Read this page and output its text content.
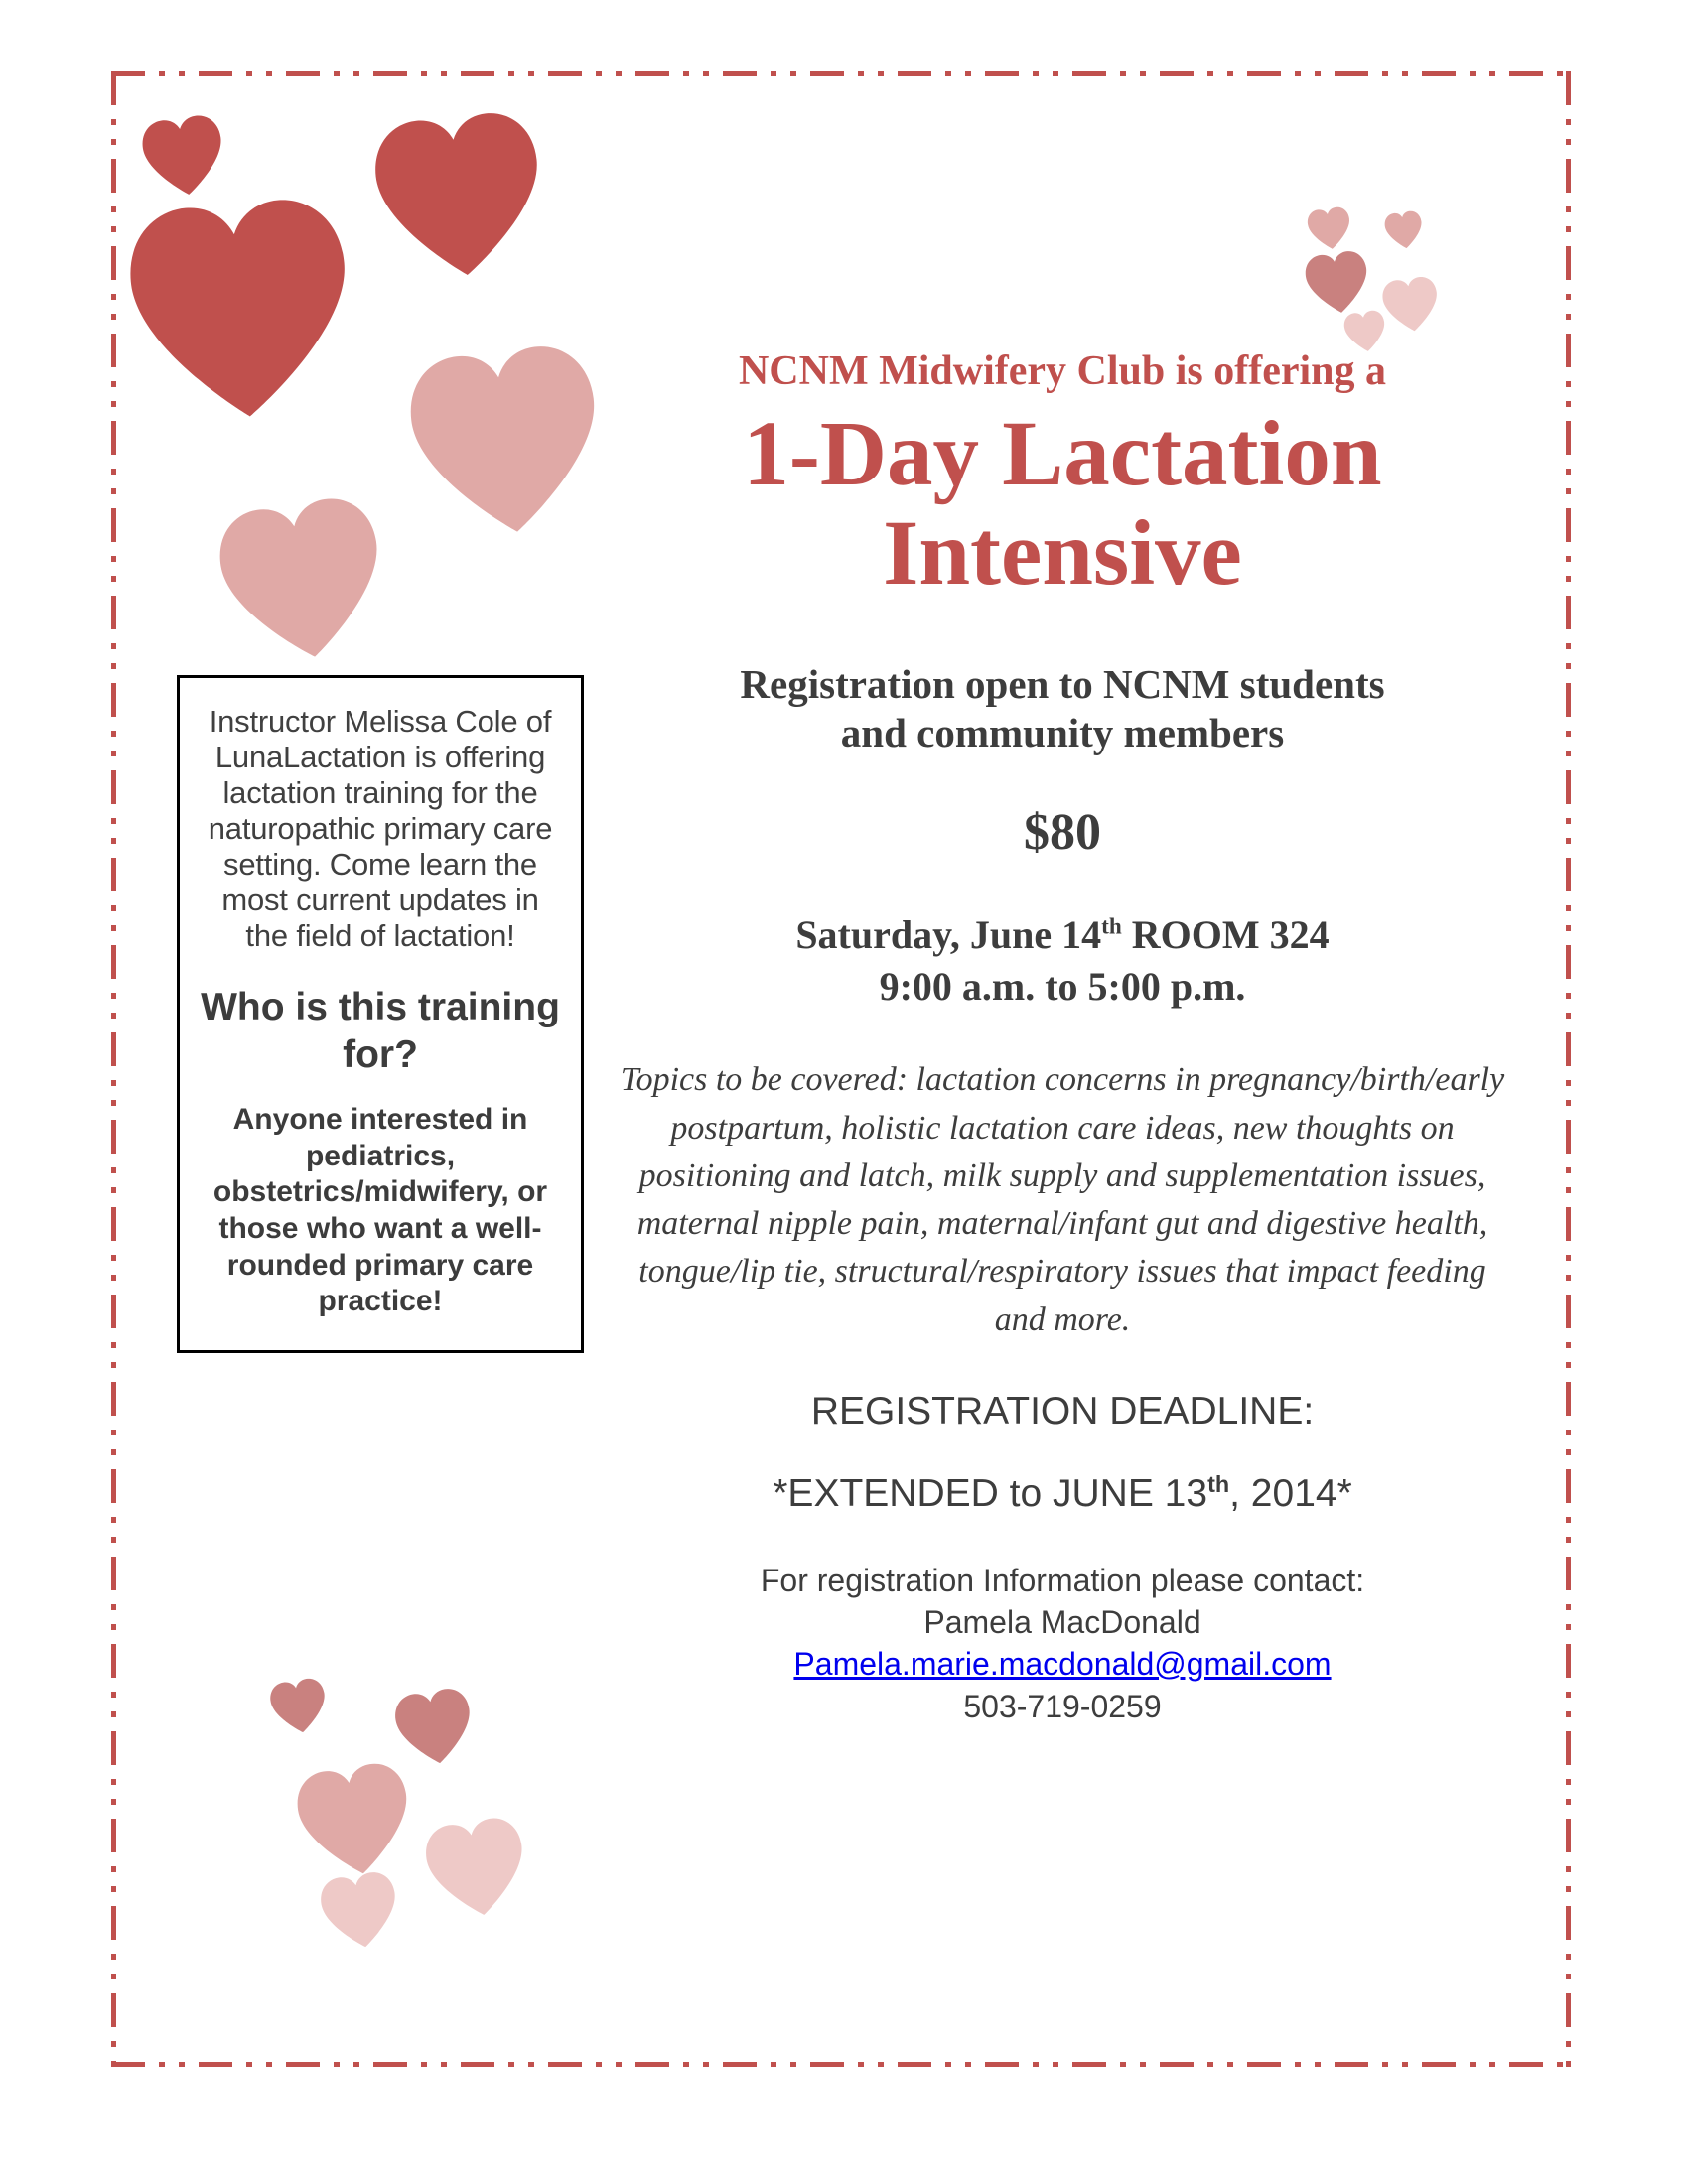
Instructor Melissa Cole of LunaLactation is offering lactation training for the naturopathic primary care setting. Come learn the most current updates in the field of lactation!

Who is this training for?

Anyone interested in pediatrics, obstetrics/midwifery, or those who want a well-rounded primary care practice!

NCNM Midwifery Club is offering a

1-Day Lactation
Intensive
Registration open to NCNM students
and community members

$80

Saturday, June 14th ROOM 324
9:00 a.m. to 5:00 p.m.

Topics to be covered: lactation concerns in pregnancy/birth/early postpartum, holistic lactation care ideas, new thoughts on positioning and latch, milk supply and supplementation issues, maternal nipple pain, maternal/infant gut and digestive health, tongue/lip tie, structural/respiratory issues that impact feeding and more.

REGISTRATION DEADLINE:

*EXTENDED to JUNE 13th, 2014*

For registration Information please contact:
Pamela MacDonald
Pamela.marie.macdonald@gmail.com
503-719-0259
